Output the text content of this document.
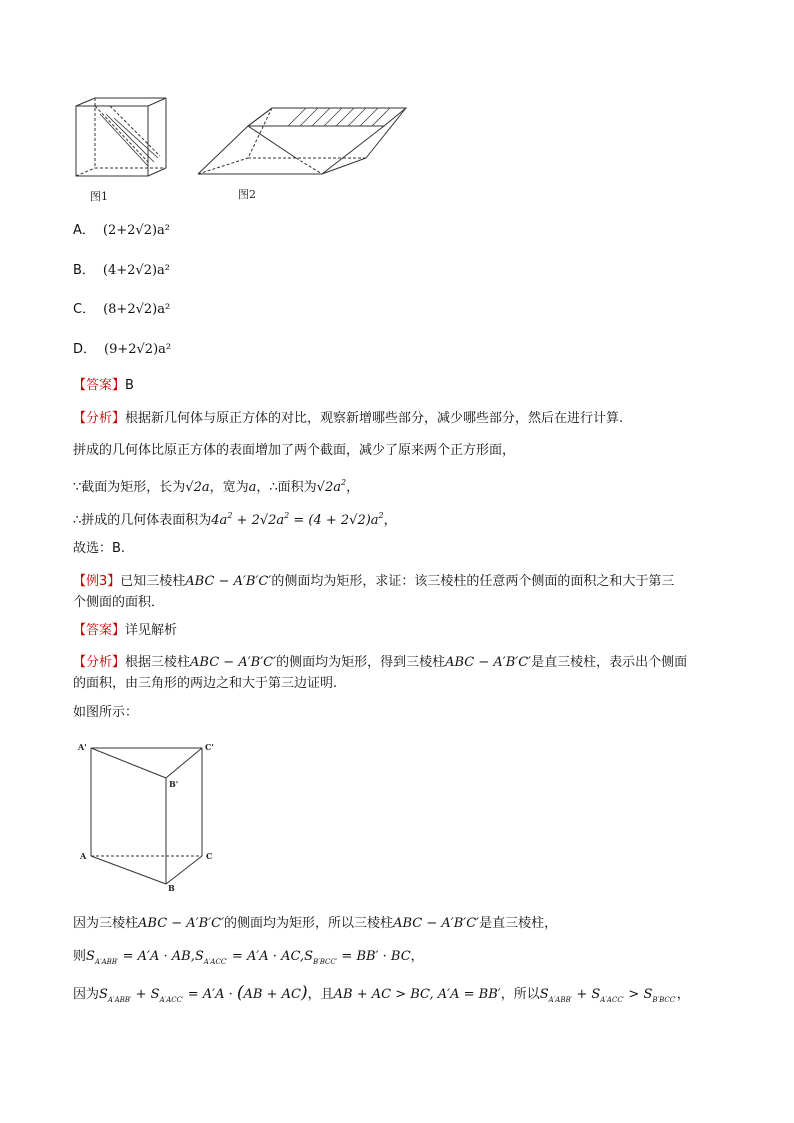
图1	图2
A． (2+2√2)a²
B． (4+2√2)a²
C． (8+2√2)a²
D． (9+2√2)a²
【答案】B
【分析】根据新几何体与原正方体的对比，观察新增哪些部分，减少哪些部分，然后在进行计算.
拼成的几何体比原正方体的表面增加了两个截面，减少了原来两个正方形面，
∵截面为矩形，长为√2a，宽为a，∴面积为$√2a^2$，
∴拼成的几何体表面积为$4a^2 + 2√2a^2 = (4 + 2√2)a^2$，
故选：B.
【例3】已知三棱柱ABC − A′B′C′的侧面均为矩形，求证：该三棱柱的任意两个侧面的面积之和大于第三
个侧面的面积．
【答案】详见解析
【分析】根据三棱柱ABC − A′B′C′的侧面均为矩形，得到三棱柱ABC − A′B′C′是直三棱柱，表示出个侧面
的面积，由三角形的两边之和大于第三边证明.
如图所示：
A'	C'
B'
A	C
B
因为三棱柱ABC − A′B′C′的侧面均为矩形，所以三棱柱ABC − A′B′C′是直三棱柱，
则$S_{A'ABB'} = A'A \cdot AB,S_{A'ACC'} = A'A \cdot AC,S_{B'BCC'} = BB'$ · BC，
因为$S_{A'ABB'} + S_{A'ACC'} = A'A \cdot (AB + AC)$，且AB + AC > BC, A′A = BB′，所以$S_{A'ABB'} + S_{A'ACC'} > S_{B'BCC'}$，
